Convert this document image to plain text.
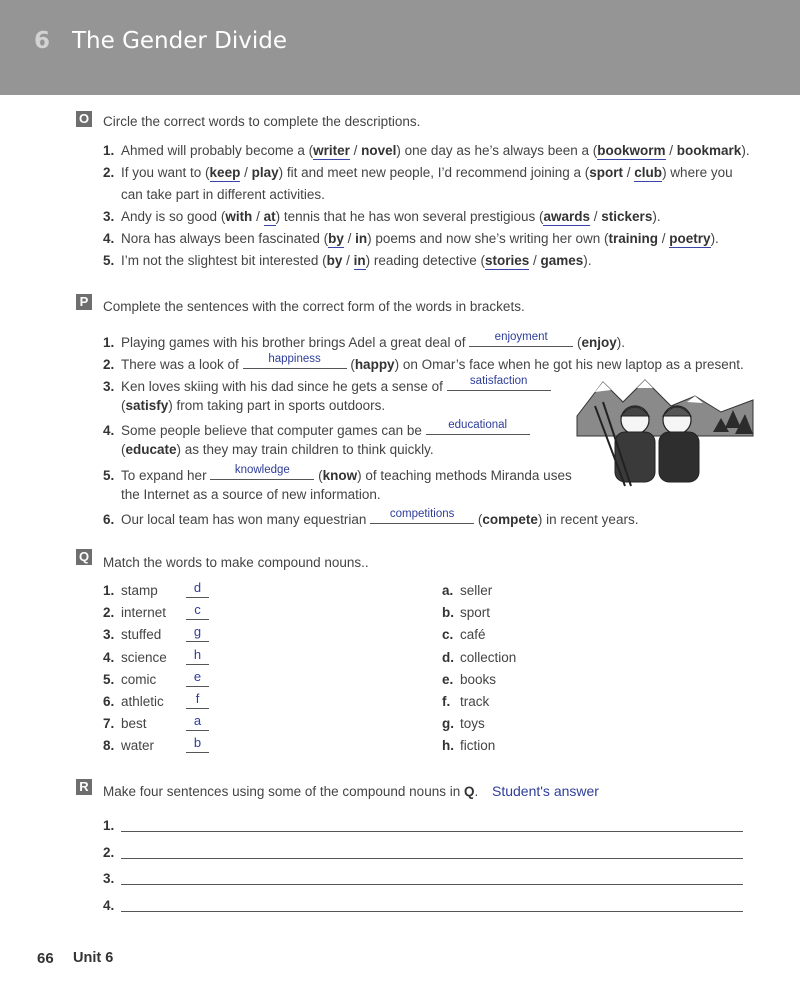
6 The Gender Divide
O Circle the correct words to complete the descriptions.
1. Ahmed will probably become a (writer / novel) one day as he’s always been a (bookworm / bookmark).
2. If you want to (keep / play) fit and meet new people, I’d recommend joining a (sport / club) where you
can take part in different activities.
3. Andy is so good (with / at) tennis that he has won several prestigious (awards / stickers).
4. Nora has always been fascinated (by / in) poems and now she’s writing her own (training / poetry).
5. I’m not the slightest bit interested (by / in) reading detective (stories / games).
P Complete the sentences with the correct form of the words in brackets.
1. Playing games with his brother brings Adel a great deal of	enjoyment	(enjoy).
2. There was a look of	happiness	(happy) on Omar’s face when he got his new laptop as a present.
3. Ken loves skiing with his dad since he gets a sense of	satisfaction
(satisfy) from taking part in sports outdoors.
4. Some people believe that computer games can be	educational
(educate) as they may train children to think quickly.
5. To expand her	knowledge	(know) of teaching methods Miranda uses
the Internet as a source of new information.
6. Our local team has won many equestrian	competitions	(compete) in recent years.
Q Match the words to make compound nouns..
1. stamp	d
2. internet	c
3. stuffed	g
4. science	h
5. comic	e
6. athletic	f
7. best	a
8. water	b
a. seller
b. sport
c. café
d. collection
e. books
f. track
g. toys
h. fiction
R Make four sentences using some of the compound nouns in Q. Student's answer
1.
2.
3.
4.
66 Unit 6
